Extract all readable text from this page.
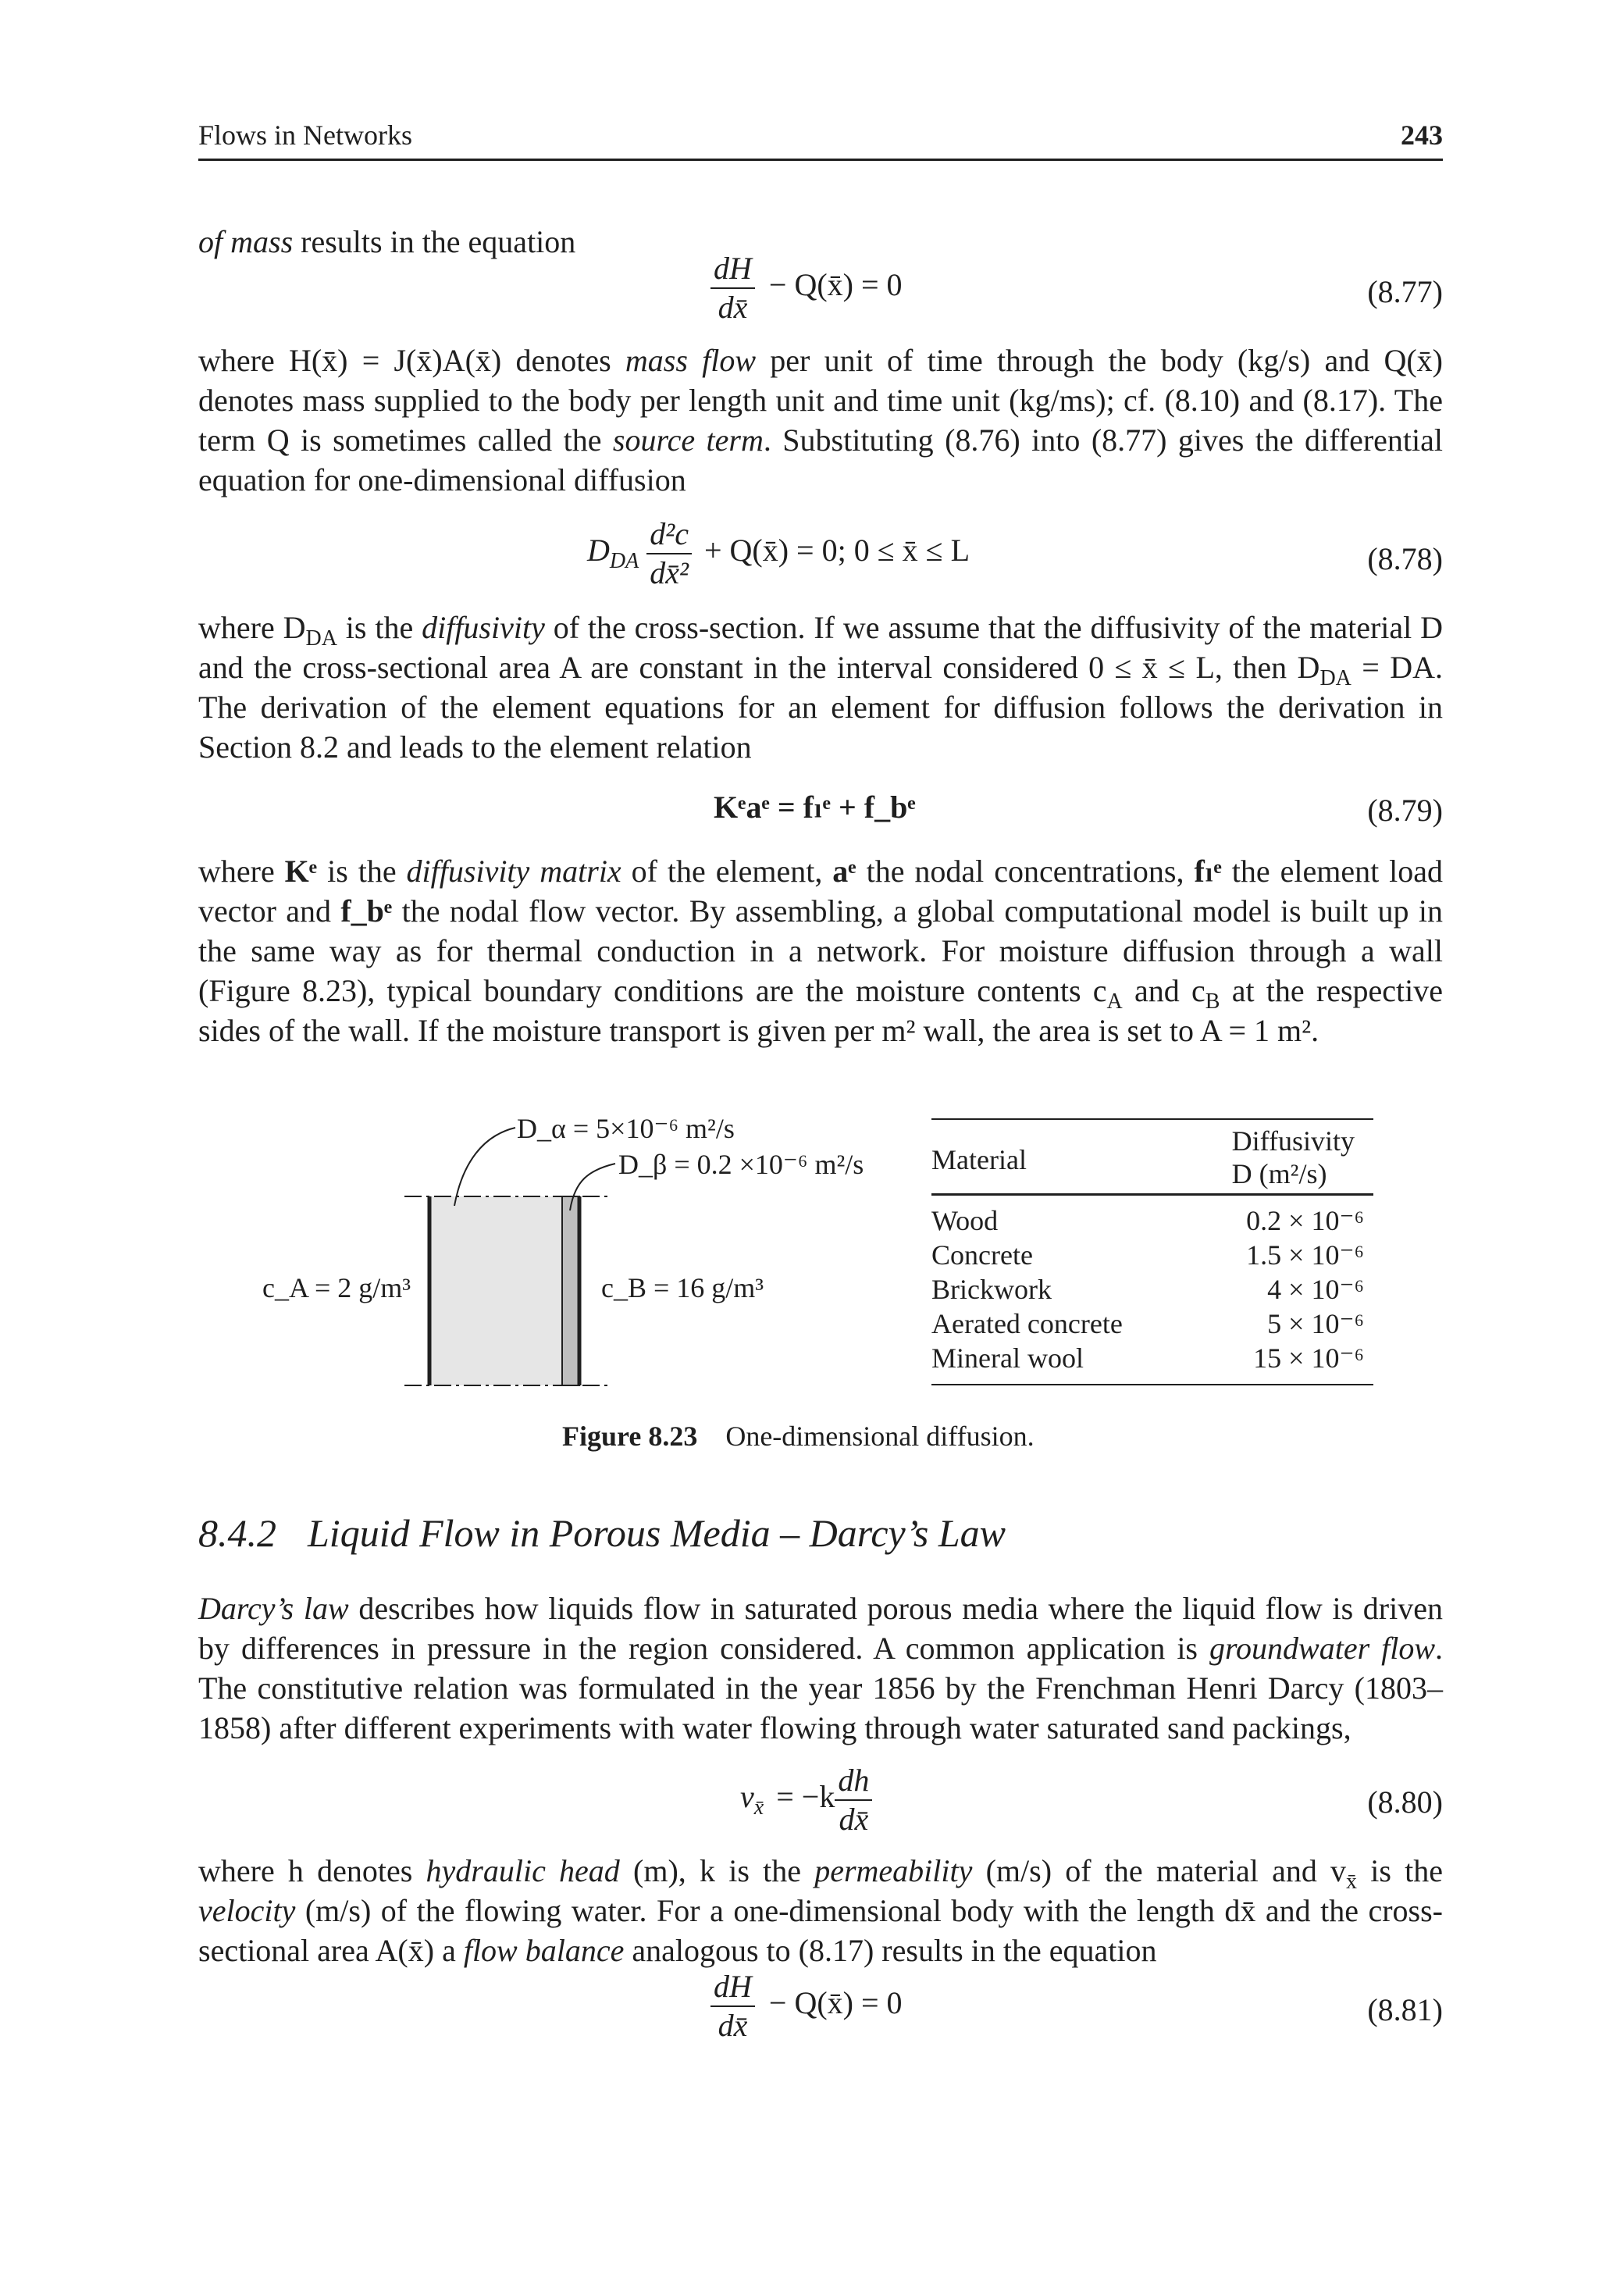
Flows in Networks	243

of mass results in the equation

$\frac{dH}{dx̄}$ − Q(x̄) = 0	(8.77)

where H(x̄) = J(x̄)A(x̄) denotes mass flow per unit of time through the body (kg/s) and Q(x̄) denotes mass supplied to the body per length unit and time unit (kg/ms); cf. (8.10) and (8.17). The term Q is sometimes called the source term. Substituting (8.76) into (8.77) gives the differential equation for one-dimensional diffusion

$D_{DA} \frac{\text{d²c}}{\text{dx̄²}}$ + Q(x̄) = 0; 0 ≤ x̄ ≤ L	(8.78)

where $D_{DA}$ is the diffusivity of the cross-section. If we assume that the diffusivity of the material D and the cross-sectional area A are constant in the interval considered 0 ≤ x̄ ≤ L, then $D_{DA}$ = DA. The derivation of the element equations for an element for diffusion follows the derivation in Section 8.2 and leads to the element relation

Kᵉaᵉ = fₗᵉ + f_bᵉ	(8.79)

where Kᵉ is the diffusivity matrix of the element, aᵉ the nodal concentrations, fₗᵉ the element load vector and f_bᵉ the nodal flow vector. By assembling, a global computational model is built up in the same way as for thermal conduction in a network. For moisture diffusion through a wall (Figure 8.23), typical boundary conditions are the moisture contents $c_A$ and $c_B$ at the respective sides of the wall. If the moisture transport is given per m² wall, the area is set to A = 1 m².

D_α = 5×10⁻⁶ m²/s
D_β = 0.2 ×10⁻⁶ m²/s
c_A = 2 g/m³	c_B = 16 g/m³
Material
Diffusivity
D (m²/s)
Wood	0.2 × 10⁻⁶
Concrete	1.5 × 10⁻⁶
Brickwork	4 × 10⁻⁶
Aerated concrete	5 × 10⁻⁶
Mineral wool	15 × 10⁻⁶
Figure 8.23 One-dimensional diffusion.
8.4.2 Liquid Flow in Porous Media – Darcy’s Law

Darcy’s law describes how liquids flow in saturated porous media where the liquid flow is driven by differences in pressure in the region considered. A common application is groundwater flow. The constitutive relation was formulated in the year 1856 by the Frenchman Henri Darcy (1803–1858) after different experiments with water flowing through water saturated sand packings,

$v_{x̄} = -k \frac{dh}{dx̄}$	(8.80)

where h denotes hydraulic head (m), k is the permeability (m/s) of the material and $v_{x̄}$ is the velocity (m/s) of the flowing water. For a one-dimensional body with the length dx̄ and the cross-sectional area A(x̄) a flow balance analogous to (8.17) results in the equation

$\frac{dH}{dx̄}$ − Q(x̄) = 0	(8.81)
